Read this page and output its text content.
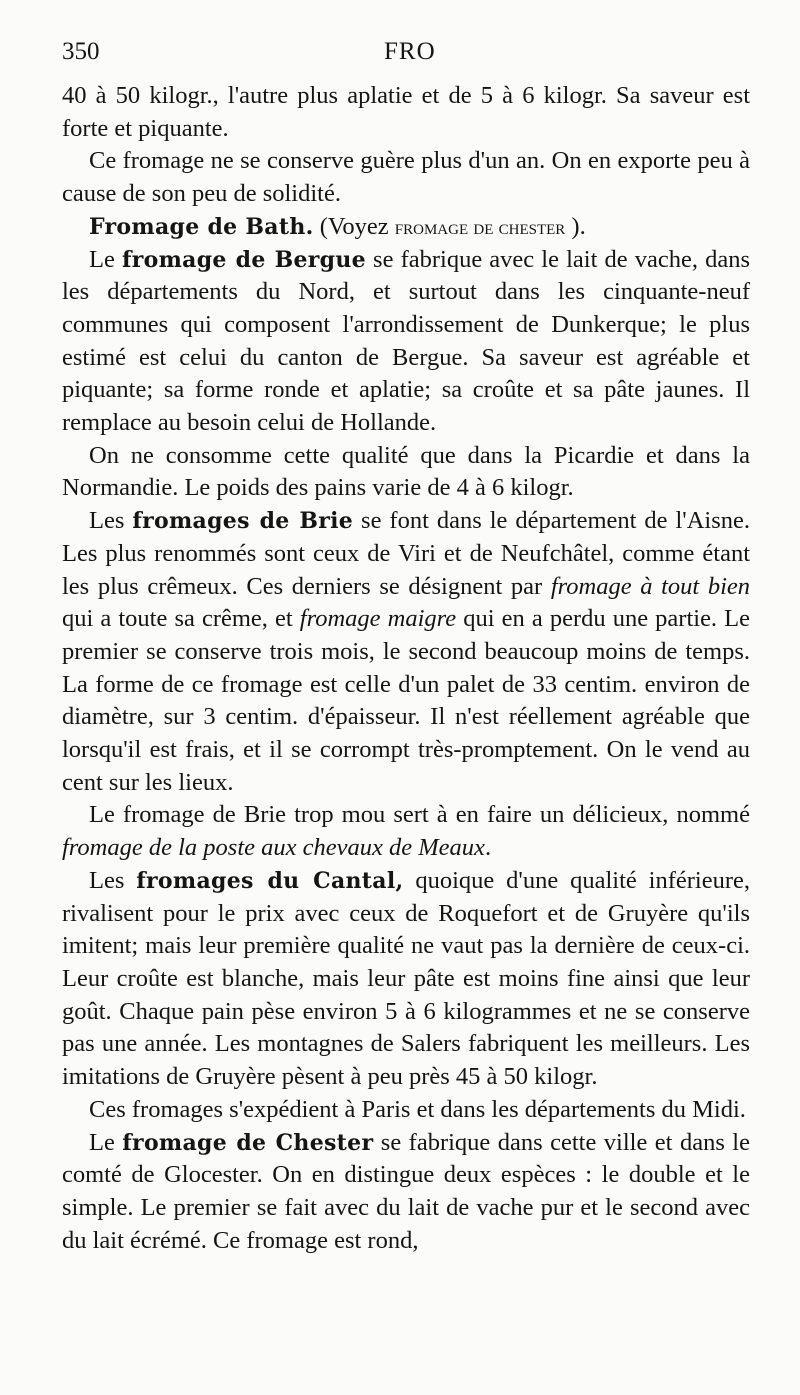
350	FRO

40 à 50 kilogr., l'autre plus aplatie et de 5 à 6 kilogr. Sa saveur est forte et piquante.

Ce fromage ne se conserve guère plus d'un an. On en exporte peu à cause de son peu de solidité.

Fromage de Bath. (Voyez fromage de chester ).

Le fromage de Bergue se fabrique avec le lait de vache, dans les départements du Nord, et surtout dans les cinquante-neuf communes qui composent l'arrondissement de Dunkerque; le plus estimé est celui du canton de Bergue. Sa saveur est agréable et piquante; sa forme ronde et aplatie; sa croûte et sa pâte jaunes. Il remplace au besoin celui de Hollande.

On ne consomme cette qualité que dans la Picardie et dans la Normandie. Le poids des pains varie de 4 à 6 kilogr.

Les fromages de Brie se font dans le département de l'Aisne. Les plus renommés sont ceux de Viri et de Neufchâtel, comme étant les plus crêmeux. Ces derniers se désignent par fromage à tout bien qui a toute sa crême, et fromage maigre qui en a perdu une partie. Le premier se conserve trois mois, le second beaucoup moins de temps. La forme de ce fromage est celle d'un palet de 33 centim. environ de diamètre, sur 3 centim. d'épaisseur. Il n'est réellement agréable que lorsqu'il est frais, et il se corrompt très-promptement. On le vend au cent sur les lieux.

Le fromage de Brie trop mou sert à en faire un délicieux, nommé fromage de la poste aux chevaux de Meaux.

Les fromages du Cantal, quoique d'une qualité inférieure, rivalisent pour le prix avec ceux de Roquefort et de Gruyère qu'ils imitent; mais leur première qualité ne vaut pas la dernière de ceux-ci. Leur croûte est blanche, mais leur pâte est moins fine ainsi que leur goût. Chaque pain pèse environ 5 à 6 kilogrammes et ne se conserve pas une année. Les montagnes de Salers fabriquent les meilleurs. Les imitations de Gruyère pèsent à peu près 45 à 50 kilogr.

Ces fromages s'expédient à Paris et dans les départements du Midi.

Le fromage de Chester se fabrique dans cette ville et dans le comté de Glocester. On en distingue deux espèces : le double et le simple. Le premier se fait avec du lait de vache pur et le second avec du lait écrémé. Ce fromage est rond,
